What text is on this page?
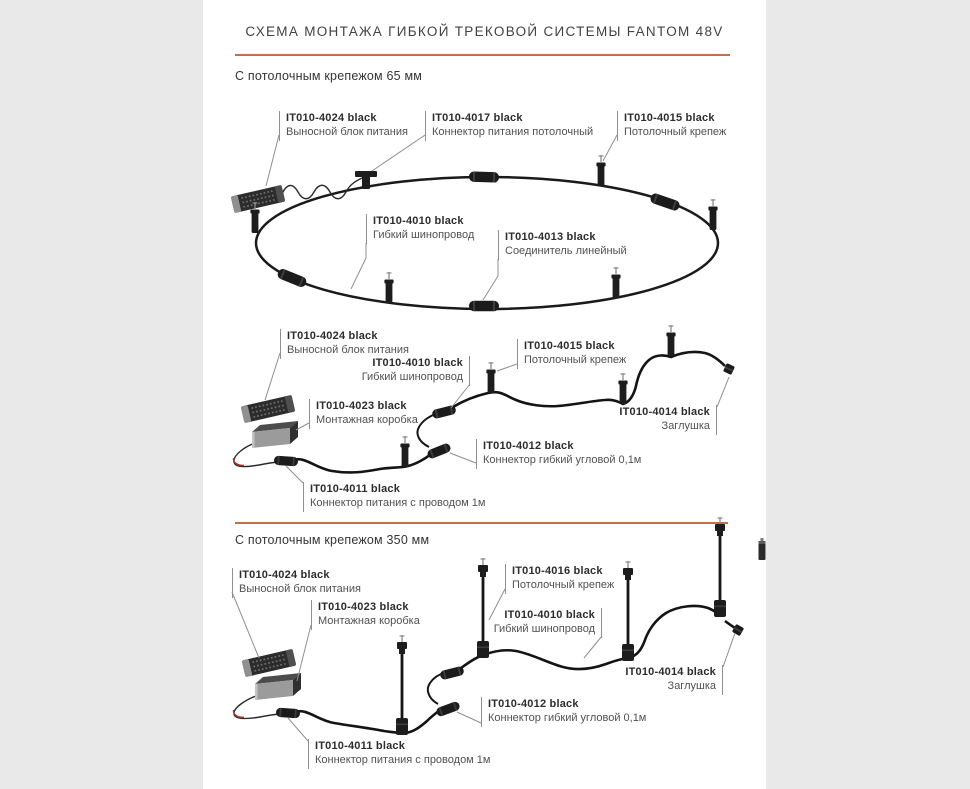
СХЕМА МОНТАЖА ГИБКОЙ ТРЕКОВОЙ СИСТЕМЫ FANTOM 48V
С потолочным крепежом 65 мм
С потолочным крепежом 350 мм
IT010-4024 black
Выносной блок питания
IT010-4017 black
Коннектор питания потолочный
IT010-4015 black
Потолочный крепеж
IT010-4010 black
Гибкий шинопровод	IT010-4013 black
Соединитель линейный
IT010-4024 black
Выносной блок питания
IT010-4010 black
Гибкий шинопровод
IT010-4023 black
Монтажная коробка
IT010-4015 black
Потолочный крепеж
IT010-4014 black
Заглушка
IT010-4012 black
Коннектор гибкий угловой 0,1м
IT010-4011 black
Коннектор питания с проводом 1м
IT010-4024 black
Выносной блок питания
IT010-4023 black
Монтажная коробка
IT010-4016 black
Потолочный крепеж
IT010-4010 black
Гибкий шинопровод
IT010-4014 black
Заглушка
IT010-4012 black
Коннектор гибкий угловой 0,1м
IT010-4011 black
Коннектор питания с проводом 1м
